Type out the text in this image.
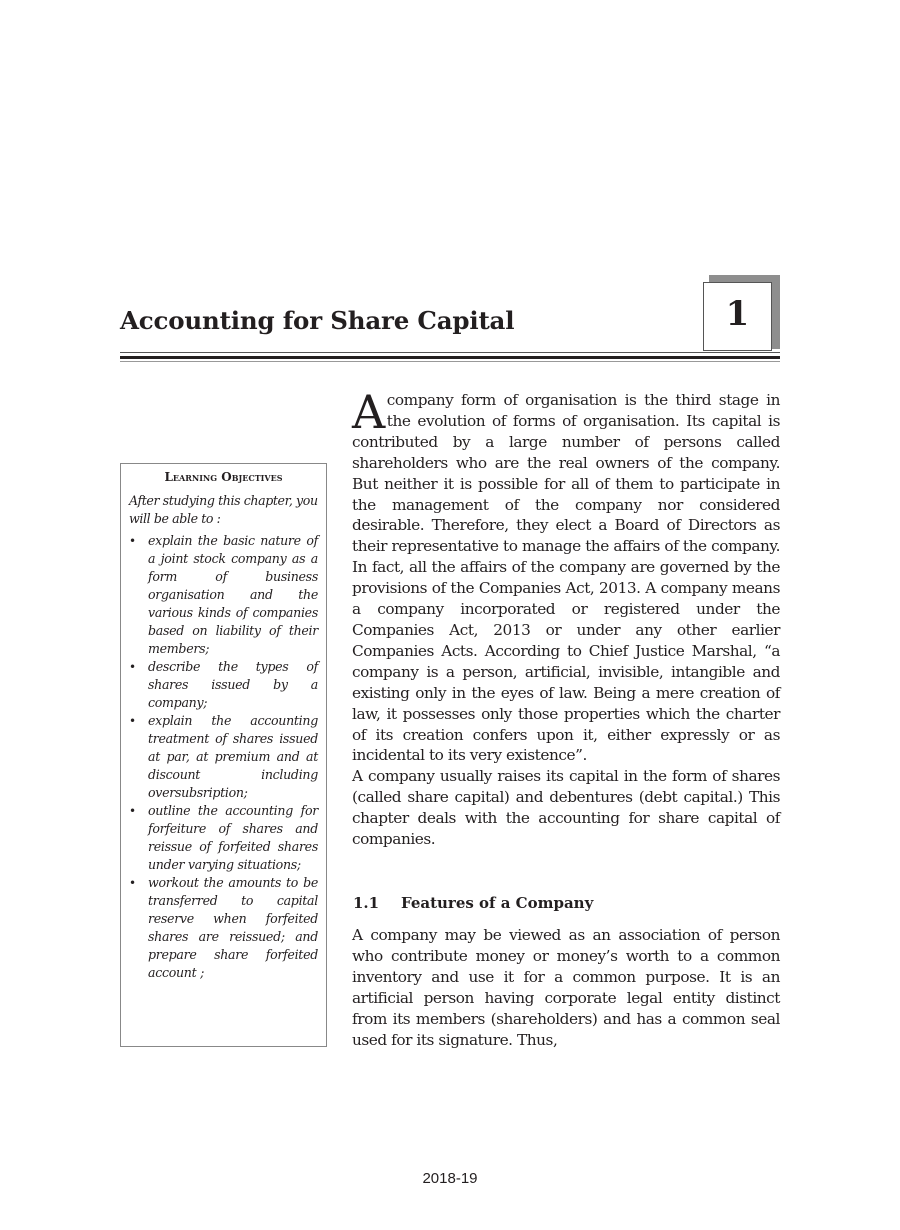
1
Accounting for Share Capital
Learning Objectives
After studying this chapter, you will be able to :
• explain the basic nature of a joint stock company as a form of business organisation and the various kinds of companies based on liability of their members;
• describe the types of shares issued by a company;
• explain the accounting treatment of shares issued at par, at premium and at discount including oversubsription;
• outline the accounting for forfeiture of shares and reissue of forfeited shares under varying situations;
• workout the amounts to be transferred to capital reserve when forfeited shares are reissued; and prepare share forfeited account ;

A company form of organisation is the third stage in the evolution of forms of organisation. Its capital is contributed by a large number of persons called shareholders who are the real owners of the company. But neither it is possible for all of them to participate in the management of the company nor considered desirable. Therefore, they elect a Board of Directors as their representative to manage the affairs of the company. In fact, all the affairs of the company are governed by the provisions of the Companies Act, 2013. A company means a company incorporated or registered under the Companies Act, 2013 or under any other earlier Companies Acts. According to Chief Justice Marshal, “a company is a person, artificial, invisible, intangible and existing only in the eyes of law. Being a mere creation of law, it possesses only those properties which the charter of its creation confers upon it, either expressly or as incidental to its very existence”.

A company usually raises its capital in the form of shares (called share capital) and debentures (debt capital.) This chapter deals with the accounting for share capital of companies.

1.1 Features of a Company

A company may be viewed as an association of person who contribute money or money’s worth to a common inventory and use it for a common purpose. It is an artificial person having corporate legal entity distinct from its members (shareholders) and has a common seal used for its signature. Thus,

2018-19
